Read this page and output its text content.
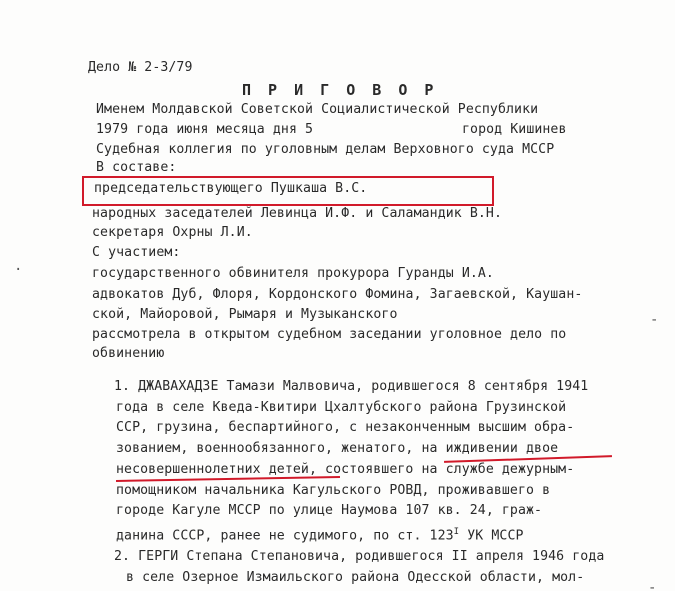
Дело № 2-3/79
П Р И Г О В О Р
Именем Молдавской Советской Социалистической Республики
1979 года июня месяца дня 5	город Кишинев
Судебная коллегия по уголовным делам Верховного суда МССР
В составе:
председательствующего Пушкаша В.С.
народных заседателей Левинца И.Ф. и Саламандик В.Н.
секретаря Охрны Л.И.
С участием:
государственного обвинителя прокурора Гуранды И.А.
адвокатов Дуб, Флоря, Кордонского Фомина, Загаевской, Каушан-
ской, Майоровой, Рымаря и Музыканского
рассмотрела в открытом судебном заседании уголовное дело по
обвинению
1. ДЖАВАХАДЗЕ Тамази Малвовича, родившегося 8 сентября 1941
года в селе Кведа-Квитири Цхалтубского района Грузинской
ССР, грузина, беспартийного, с незаконченным высшим обра-
зованием, военнообязанного, женатого, на иждивении двое
несовершеннолетних детей, состоявшего на службе дежурным-
помощником начальника Кагульского РОВД, проживавшего в
городе Кагуле МССР по улице Наумова 107 кв. 24, граж-
данина СССР, ранее не судимого, по ст. $123^I$ УК МССР
2. ГЕРГИ Степана Степановича, родившегося II апреля 1946 года
в селе Озерное Измаильского района Одесской области, мол-
·
-
-
